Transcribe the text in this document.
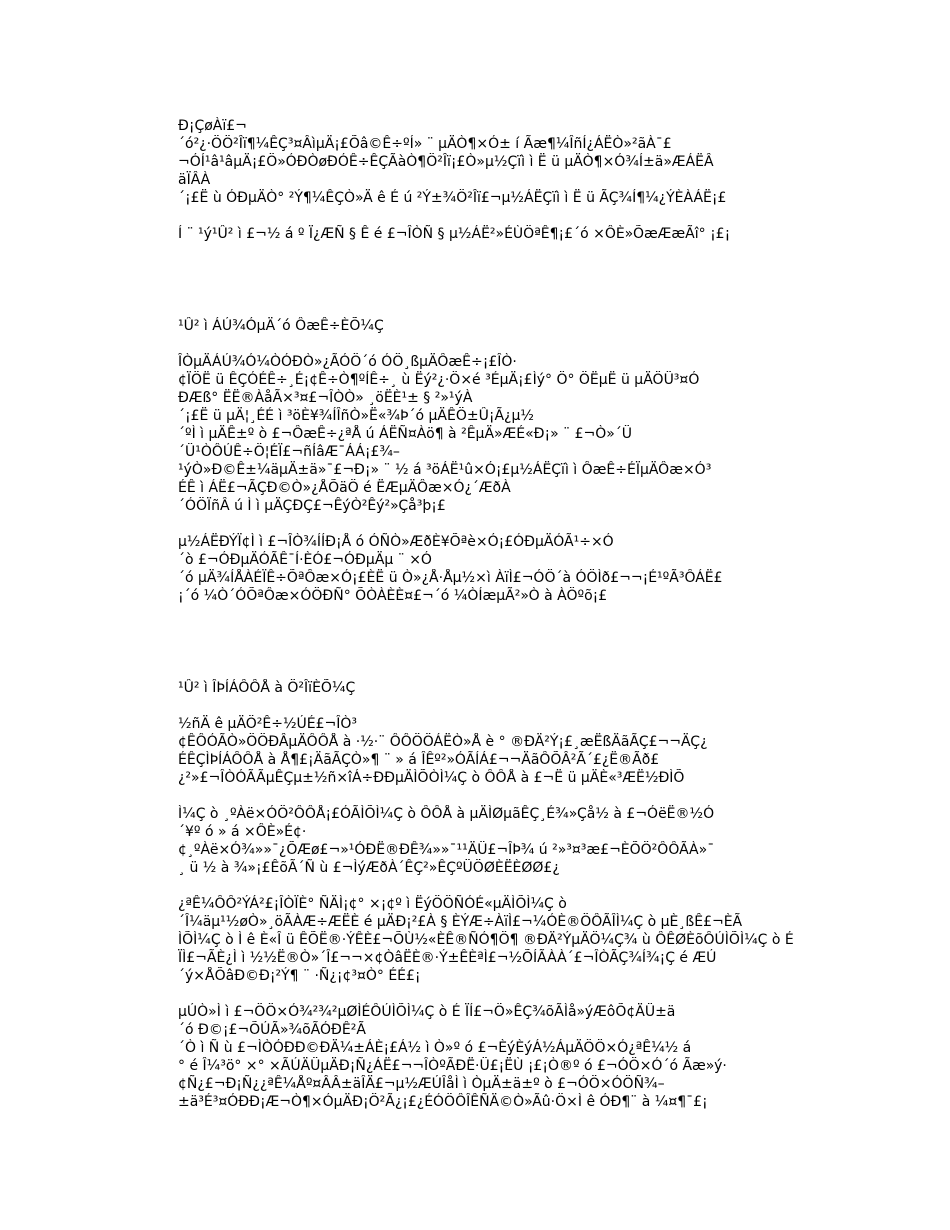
Ð¡ÇøÀï£¬
´ó²¿·ÖÖ²Îï¶¼ÊÇ³¤ÂìµÄ¡£Õâ©Ê÷ºÍ» ¨ µÄÒ¶×Ó± í Ãæ¶¼ÎñÍ¿ÁËÒ»²ãÀ¯£
¬ÓÍ¹â¹âµÄ¡£Ö»ÓÐÒøÐÓÊ÷ÊÇÃàÒ¶Ö²Îï¡£Ò»µ½Çïì ì Ë ü µÄÒ¶×Ó¾Í±ä»ÆÁËÂ
äÏÂÀ
´¡£Ë ù ÓÐµÄÒ° ²Ý¶¼ÊÇÒ»Ä ê É ú ²Ý±¾Ö²Îï£¬µ½ÁËÇïì ì Ë ü ÃÇ¾Í¶¼¿ÝÈÀÁË¡£
Í ¨ ¹ý¹Û² ì £¬½ á º Ï¿ÆÑ § Ê é £¬ÎÒÑ § µ½ÁË²»ÉÙÖªÊ¶¡£´ó ×ÔÈ»ÕæÆæÃî° ¡£¡
¹Û² ì ÁÚ¾ÓµÄ´ó ÔæÊ÷ÈÕ¼Ç
ÎÒµÄÁÚ¾Ó¼ÒÓÐÒ»¿ÃÓÖ´ó ÓÖ¸ßµÄÔæÊ÷¡£ÎÒ·
¢ÏÖË ü ÊÇÓÉÊ÷¸É¡¢Ê÷Ò¶ºÍÊ÷¸ ù Ëý²¿·Ö×é ³ÉµÄ¡£Ìý° Ö° ÖËµË ü µÄÖÜ³¤Ó
ÐÆß° ËË®ÀåÃ×³¤£¬ÎÒÒ» ¸öËÈ¹± § ²»¹ýÀ
´¡£Ë ü µÄ¦¸ÉÉ ì ³öÈ¥¾ÍÎñÒ»Ë«¾Þ´ó µÄÊÖ±Û¡Ã¿µ½
´ºÌ ì µÄÊ±º ò £¬ÔæÊ÷¿ªÅ ú ÁËÑ¤Àö¶ à ²ÊµÄ»ÆÉ«Ð¡» ¨ £¬Ò»´Ü
´Ü¹ÒÔÚÊ÷Ö¦ÉÏ£¬ñÍâÆ¯ÁÁ¡£¾–
¹ýÒ»Ð©Ê±¼äµÄ±ä»¯£¬Ð¡» ¨ ½ á ³öÁË¹û×Ó¡£µ½ÁËÇïì ì ÔæÊ÷ÉÏµÄÔæ×Ó³
ÉÊ ì ÁË£¬ÃÇÐ©Ò»¿ÅÕäÖ é ËÆµÄÔæ×Ó¿´ÆðÀ
´ÓÖÏñÂ ú Ì ì µÄÇÐÇ£¬ÊýÒ²Êý²»Çå³þ¡£
µ½ÁËÐÝÏ¢Ì ì £¬ÎÒ¾ÍÍÐ¡Å ó ÓÑÒ»ÆðÈ¥Õªè×Ó¡£ÓÐµÄÓÃ¹÷×Ó
´ò £¬ÓÐµÄÓÃÊ¯Í·ÈÓ£¬ÓÐµÄµ ¨ ×Ó
´ó µÄ¾ÍÅÀÉÏÊ÷ÕªÔæ×Ó¡£ÈË ü Ò»¿Å·Åµ½×ì ÀïÌ£¬ÓÖ´à ÓÖÌð£¬¬¡É¹ºÃ³ÔÁË£
¡´ó ¼Ò´ÓÕªÔæ×ÓÖÐÑ° ÕÒÀÈÈ¤£¬´ó ¼ÒÍæµÃ²»Ò à ÀÖºõ¡£
¹Û² ì ÎÞÍÁÔÔÅ à Ö²ÎïÈÕ¼Ç
½ñÄ ê µÄÖ²Ê÷½ÚÉ£¬ÎÒ³
¢ÊÔÓÃÒ»ÖÖÐÂµÄÔÔÅ à ·½·¨ ÔÔÖÖÁËÒ»Å è ° ®ÐÄ²Ý¡£¸æËßÄãÃÇ£¬¬ÄÇ¿
ÉÊÇÌÞÍÁÔÔÅ à Å¶£¡ÄãÃÇÒ»¶ ¨ » á ÎÊº²»ÓÃÍÁ£¬¬ÄãÔÕÂ²Ã´£¿Ë®Ãð£
¿²»£¬ÎÒÓÃÃµÊÇµ±½ñ×îÁ÷ÐÐµÄÌÕÒÌ¼Ç ò ÔÔÅ à £¬Ë ü µÄÈ«³ÆË½ÐÌÕ
Ì¼Ç ò ¸ºÀë×ÓÖ²ÔÔÅ¡£ÓÃÌÕÌ¼Ç ò ÔÔÅ à µÄÌØµãÊÇ¸É¾»Çå½ à £¬ÓëË®½Ó
´¥º ó » á ×ÔÈ»É¢·
¢¸ºÀë×Ó¾»»¯¿ÕÆø£¬»¹ÓÐË®ÐÊ¾»»¯¹¹ÄÜ£¬ÎÞ¾ ú ²»³¤³æ£¬ÈÕÖ²ÔÔÃÀ»¯
¸ ü ½ à ¾»¡£ÊõÃ´Ñ ù £¬ÌýÆðÀ´ÊÇ²»ÊÇºÜÖØÈËÈØØ£¿
¿ªÊ¼ÔÔ²ÝÁ²£¡ÎÒÏÈ° ÑÄÌ¡¢° ×¡¢º ì ËýÖÖÑÓÉ«µÄÌÕÌ¼Ç ò
´Î¼äµ¹½øÒ»¸öÃÀÆ÷ÆËÈ é µÄÐ¡²£À § ÈÝÆ÷ÀïÌ£¬¼ÓÈ®ÖÔÃÎÌ¼Ç ò µÈ¸ßÊ£¬ÈÃ
ÌÕÌ¼Ç ò Ì ê È«Î ü ÊÕË®·ÝÊÈ£¬ÕÙ½«ÈÊ®ÑÓ¶Ö¶ ®ÐÄ²ÝµÄÖ¼Ç¾ ù ÔÊØÈõÔÚÌÕÌ¼Ç ò É
ÏÌ£¬ÃÈ¿Ì ì ½½Ë®Ò»´Î£¬¬×¢ÒâËÈ®·Ý±ÊÈªÌ£¬½ÕÍÃÀÀ´£¬ÎÒÃÇ¾Í¾¡Ç é ÆÚ
´ý×ÅÕâÐ©Ð¡²Ý¶ ¨ ·Ñ¿¡¢³¤Ò° ÉÉ£¡
µÚÒ»Ì ì £¬ÖÖ×Ó¾²¾²µØÌÉÔÚÌÕÌ¼Ç ò É ÏÍ£¬Ö»ÊÇ¾õÃÌå»ýÆôÕ¢ÄÜ±ä
´ó Ð©¡£¬ÕÚÃ»¾õÃÓÐÊ²Ã
´Ò ì Ñ ù £¬ÌÒÓÐÐ©ÐÄ¼±ÁÈ¡£Á½ ì Ò»º ó £¬ÈýÈýÁ½ÁµÄÖÖ×Ó¿ªÊ¼½ á
° é Î¼³ö° ×° ×ÃÚÄÜµÄÐ¡Ñ¿ÁË£¬¬ÎÒºÃÐË·Ü£¡ËÙ ¡£¡Ò®º ó £¬ÓÖ×Ó´ó Ãæ»ý·
¢Ñ¿£¬Ð¡Ñ¿¿ªÊ¼Åº¤ÂÂ±äÎÄ£¬µ½ÆÚÎåÌ ì ÒµÄ±ä±º ò £¬ÓÖ×ÓÖÑ¾–
±ä³É³¤ÓÐÐ¡Æ¬Ò¶×ÓµÄÐ¡Ö²Ã¿¡£¿ÉÓÖÔÎÊÑÄ©Ò»Ãû·Ö×Ì ê ÓÐ¶¨ à ¼¤¶¯£¡
